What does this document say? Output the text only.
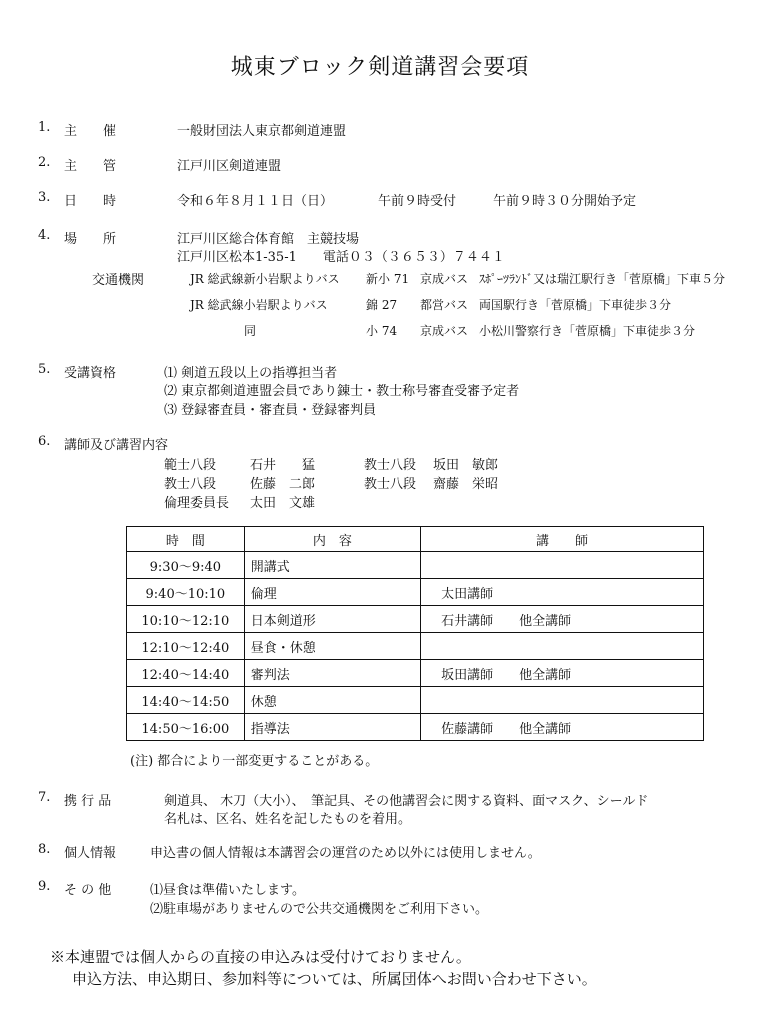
城東ブロック剣道講習会要項
1. 主　　催	一般財団法人東京都剣道連盟
2. 主　　管	江戸川区剣道連盟
3. 日　　時	令和６年８月１１日（日）	午前９時受付	午前９時３０分開始予定
4. 場　　所	江戸川区総合体育館　主競技場
江戸川区松本1-35-1　　電話０３（３６５３）７４４１
交通機関	JR 総武線新小岩駅よりバス 新小 71 京成バス ｽﾎﾟｰﾂﾗﾝﾄﾞ又は瑞江駅行き「菅原橋」下車５分
JR 総武線小岩駅よりバス	錦 27 都営バス 両国駅行き「菅原橋」下車徒歩３分
同	小 74 京成バス 小松川警察行き「菅原橋」下車徒歩３分
5. 受講資格	⑴ 剣道五段以上の指導担当者
⑵ 東京都剣道連盟会員であり錬士・教士称号審査受審予定者
⑶ 登録審査員・審査員・登録審判員
6. 講師及び講習内容
範士八段	石井　　猛	教士八段 坂田　敏郎
教士八段	佐藤　二郎	教士八段 齋藤　栄昭
倫理委員長 太田　文雄
時　間	内　容	講　　師
9:30～9:40	開講式	
9:40～10:10	倫理	太田講師
10:10～12:10	日本剣道形	石井講師　　他全講師
12:10～12:40	昼食・休憩	
12:40～14:40	審判法	坂田講師　　他全講師
14:40～14:50	休憩	
14:50～16:00	指導法	佐藤講師　　他全講師
(注) 都合により一部変更することがある。
7. 携 行 品	剣道具、 木刀（大小）、　筆記具、その他講習会に関する資料、面マスク、シールド
名札は、区名、姓名を記したものを着用。
8. 個人情報	申込書の個人情報は本講習会の運営のため以外には使用しません。
9. そ の 他	⑴昼食は準備いたします。
⑵駐車場がありませんので公共交通機関をご利用下さい。
※本連盟では個人からの直接の申込みは受付けておりません。
申込方法、申込期日、参加料等については、所属団体へお問い合わせ下さい。
